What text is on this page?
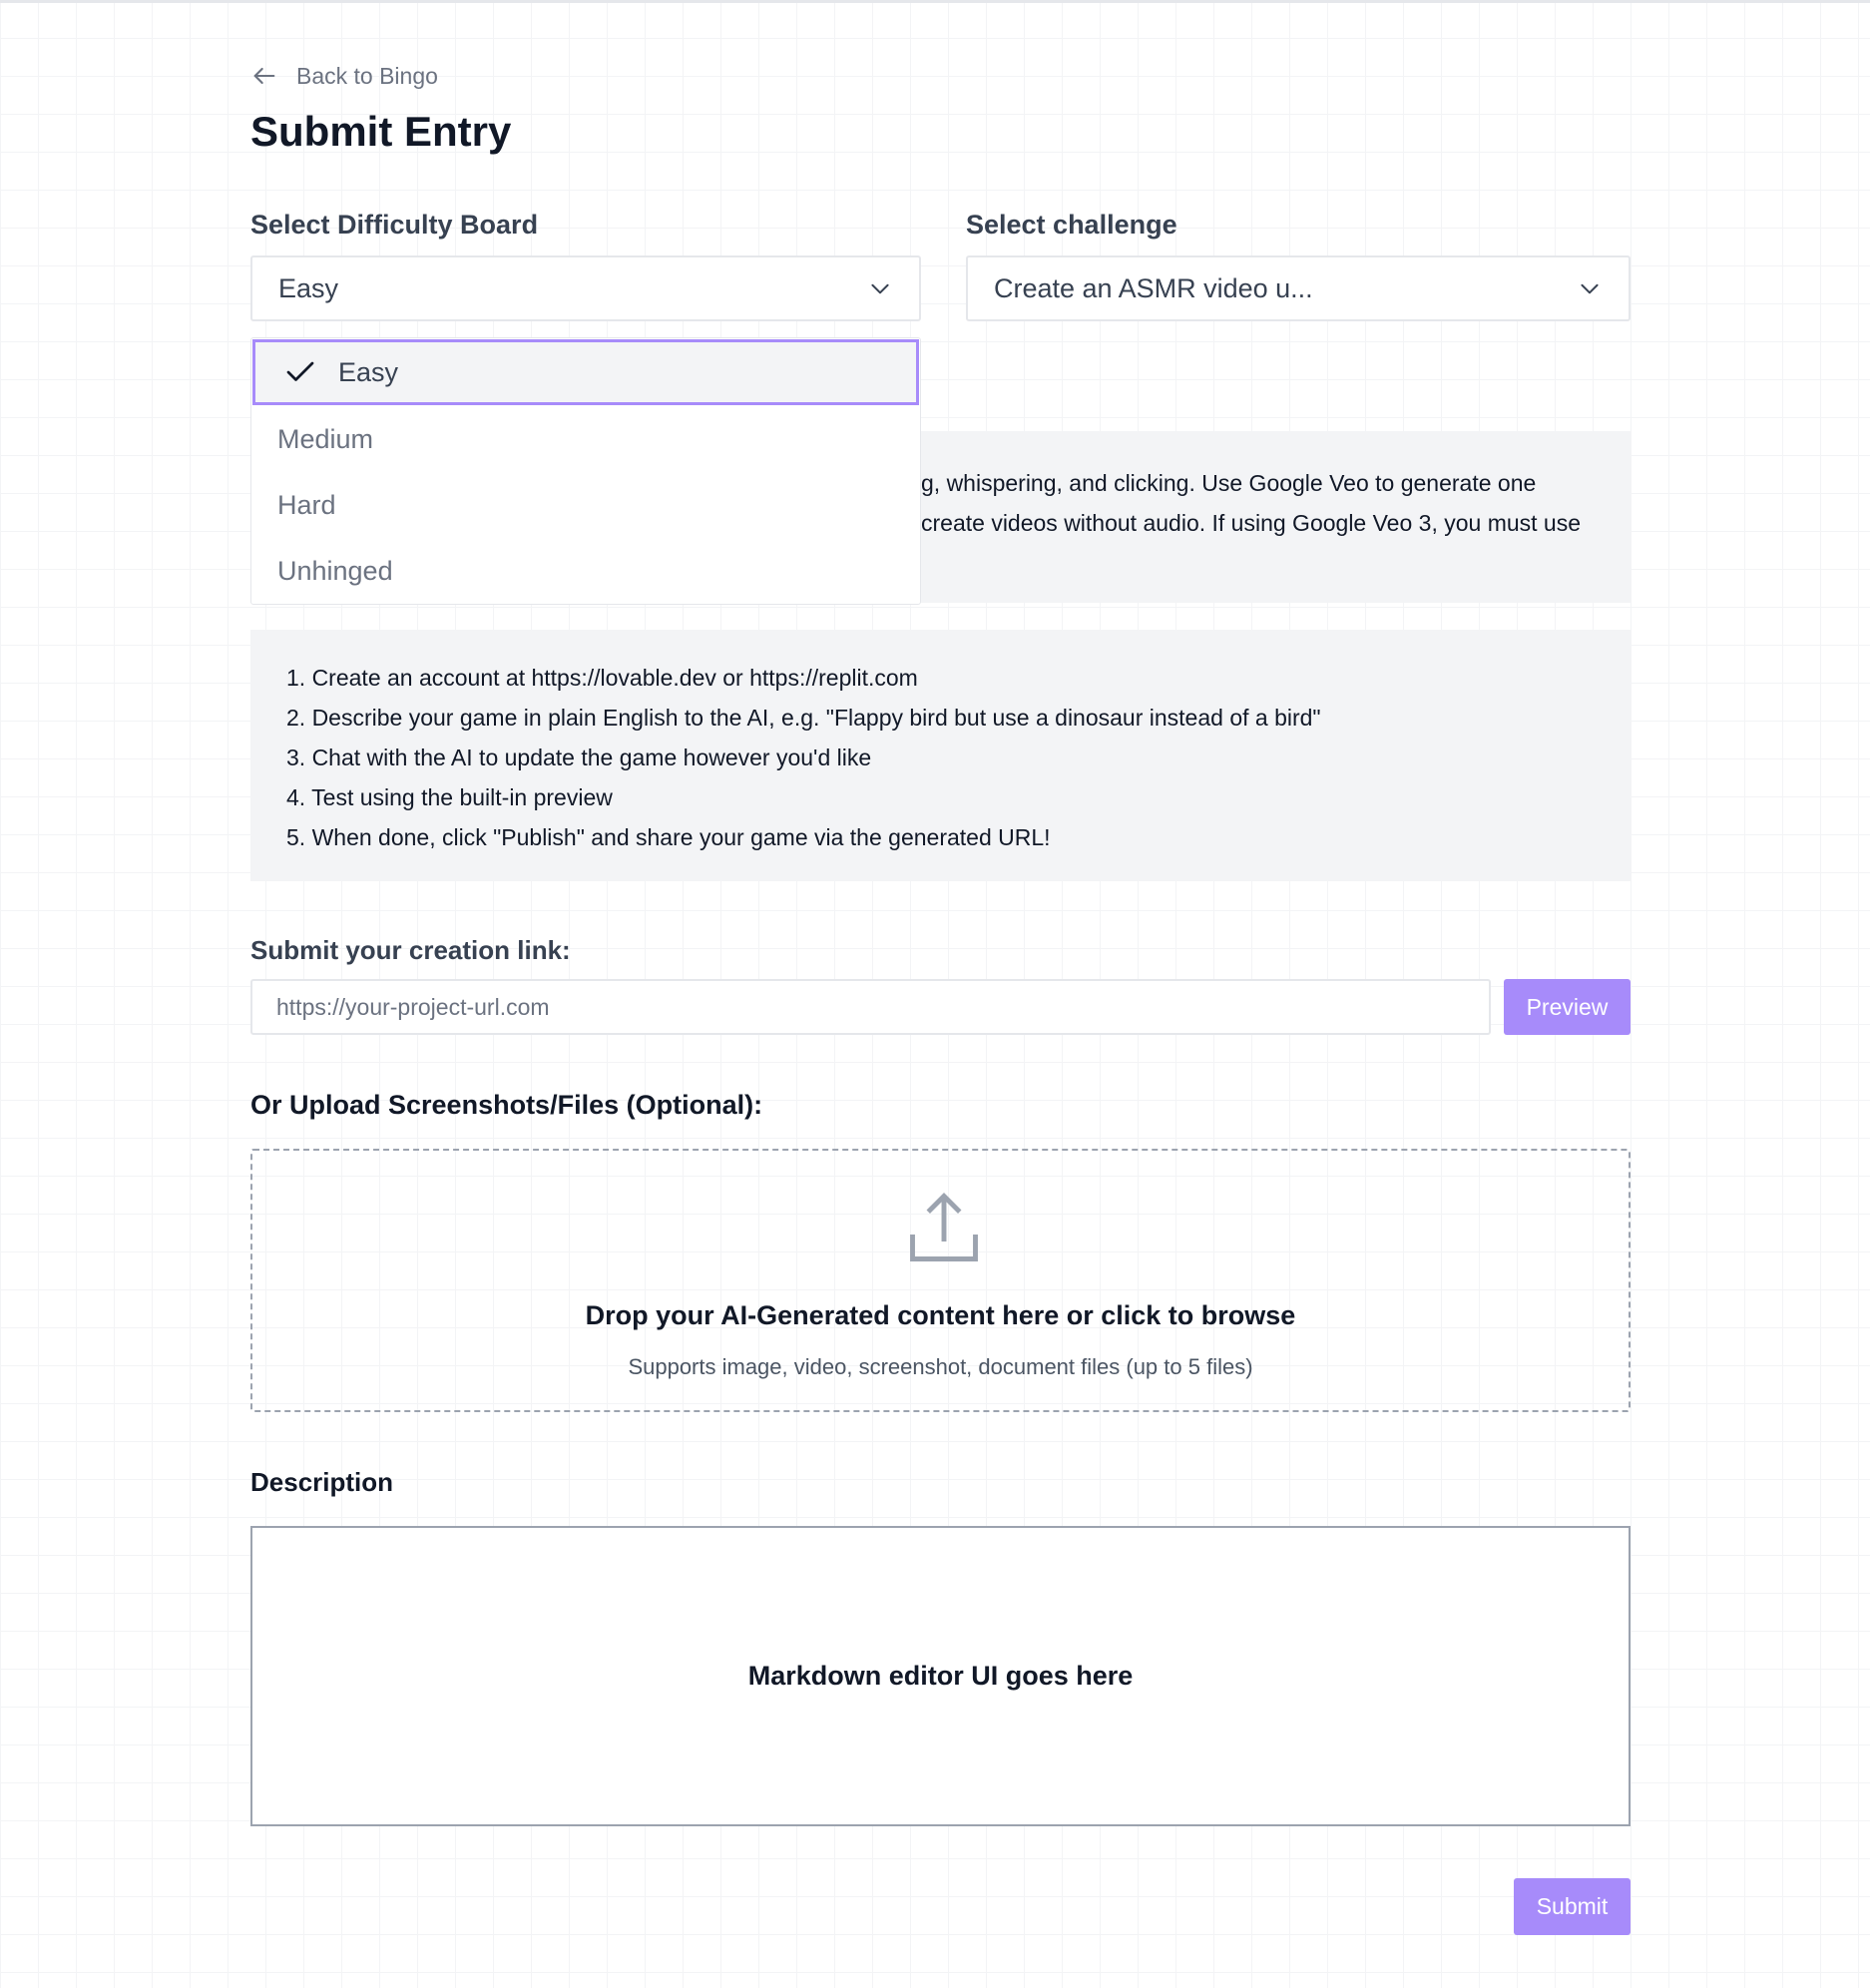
Back to Bingo
Submit Entry
Select Difficulty Board
Easy
Select challenge
Create an ASMR video u...
g, whispering, and clicking. Use Google Veo to generate one
create videos without audio. If using Google Veo 3, you must use
Easy
Medium
Hard
Unhinged
1. Create an account at https://lovable.dev or https://replit.com
2. Describe your game in plain English to the AI, e.g. "Flappy bird but use a dinosaur instead of a bird"
3. Chat with the AI to update the game however you'd like
4. Test using the built-in preview
5. When done, click "Publish" and share your game via the generated URL!
Submit your creation link:
https://your-project-url.com
Preview
Or Upload Screenshots/Files (Optional):
Drop your AI-Generated content here or click to browse
Supports image, video, screenshot, document files (up to 5 files)
Description
Markdown editor UI goes here
Submit
